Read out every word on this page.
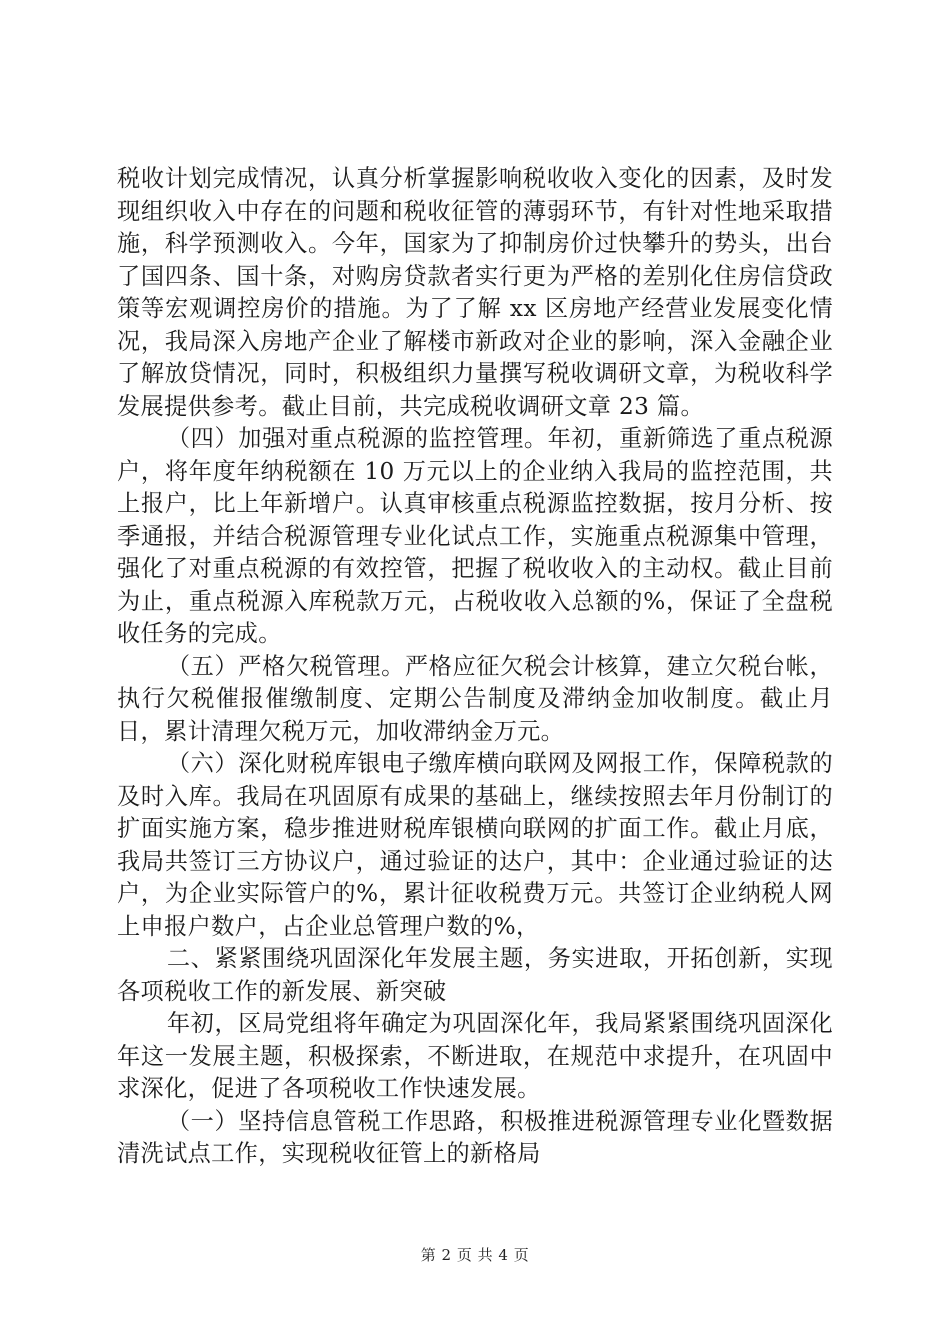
税收计划完成情况，认真分析掌握影响税收收入变化的因素，及时发现组织收入中存在的问题和税收征管的薄弱环节，有针对性地采取措施，科学预测收入。今年，国家为了抑制房价过快攀升的势头，出台了国四条、国十条，对购房贷款者实行更为严格的差别化住房信贷政策等宏观调控房价的措施。为了了解 xx 区房地产经营业发展变化情况，我局深入房地产企业了解楼市新政对企业的影响，深入金融企业了解放贷情况，同时，积极组织力量撰写税收调研文章，为税收科学发展提供参考。截止目前，共完成税收调研文章 23 篇。

（四）加强对重点税源的监控管理。年初，重新筛选了重点税源户，将年度年纳税额在 10 万元以上的企业纳入我局的监控范围，共上报户，比上年新增户。认真审核重点税源监控数据，按月分析、按季通报，并结合税源管理专业化试点工作，实施重点税源集中管理，强化了对重点税源的有效控管，把握了税收收入的主动权。截止目前为止，重点税源入库税款万元，占税收收入总额的%，保证了全盘税收任务的完成。

（五）严格欠税管理。严格应征欠税会计核算，建立欠税台帐，执行欠税催报催缴制度、定期公告制度及滞纳金加收制度。截止月日，累计清理欠税万元，加收滞纳金万元。

（六）深化财税库银电子缴库横向联网及网报工作，保障税款的及时入库。我局在巩固原有成果的基础上，继续按照去年月份制订的扩面实施方案，稳步推进财税库银横向联网的扩面工作。截止月底，我局共签订三方协议户，通过验证的达户，其中：企业通过验证的达户，为企业实际管户的%，累计征收税费万元。共签订企业纳税人网上申报户数户，占企业总管理户数的%，

二、紧紧围绕巩固深化年发展主题，务实进取，开拓创新，实现各项税收工作的新发展、新突破

年初，区局党组将年确定为巩固深化年，我局紧紧围绕巩固深化年这一发展主题，积极探索，不断进取，在规范中求提升，在巩固中求深化，促进了各项税收工作快速发展。

（一）坚持信息管税工作思路，积极推进税源管理专业化暨数据清洗试点工作，实现税收征管上的新格局

第 2 页 共 4 页
